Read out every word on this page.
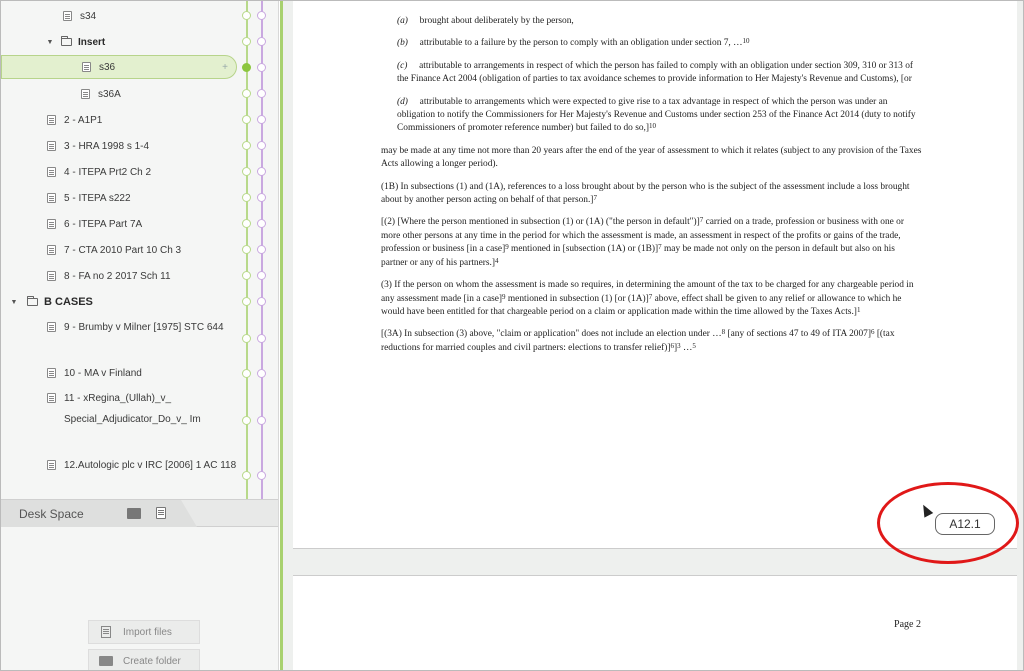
s34
▼ Insert
s36	+
s36A
2 - A1P1
3 - HRA 1998 s 1-4
4 - ITEPA Prt2 Ch 2
5 - ITEPA s222
6 - ITEPA Part 7A
7 - CTA 2010 Part 10 Ch 3
8 - FA no 2 2017 Sch 11
▼ B CASES
9 - Brumby v Milner [1975] STC 644
10 - MA v Finland
11 - xRegina_(Ullah)_v_ Special_Adjudicator_Do_v_ Im
12.Autologic plc v IRC [2006] 1 AC 118
Desk Space
Import files
Create folder

(a) brought about deliberately by the person,

(b) attributable to a failure by the person to comply with an obligation under section 7, …$^{10}$

(c) attributable to arrangements in respect of which the person has failed to comply with an obligation under section 309, 310 or 313 of the Finance Act 2004 (obligation of parties to tax avoidance schemes to provide information to Her Majesty's Revenue and Customs), [or

(d) attributable to arrangements which were expected to give rise to a tax advantage in respect of which the person was under an obligation to notify the Commissioners for Her Majesty's Revenue and Customs under section 253 of the Finance Act 2014 (duty to notify Commissioners of promoter reference number) but failed to do so,]$^{10}$

may be made at any time not more than 20 years after the end of the year of assessment to which it relates (subject to any provision of the Taxes Acts allowing a longer period).

(1B) In subsections (1) and (1A), references to a loss brought about by the person who is the subject of the assessment include a loss brought about by another person acting on behalf of that person.]$^7$

[(2) [Where the person mentioned in subsection (1) or (1A) ("the person in default")]$^7$ carried on a trade, profession or business with one or more other persons at any time in the period for which the assessment is made, an assessment in respect of the profits or gains of the trade, profession or business [in a case]$^9$ mentioned in [subsection (1A) or (1B)]$^7$ may be made not only on the person in default but also on his partner or any of his partners.]$^4$

(3) If the person on whom the assessment is made so requires, in determining the amount of the tax to be charged for any chargeable period in any assessment made [in a case]$^9$ mentioned in subsection (1) [or (1A)]$^7$ above, effect shall be given to any relief or allowance to which he would have been entitled for that chargeable period on a claim or application made within the time allowed by the Taxes Acts.]$^1$

[(3A) In subsection (3) above, "claim or application" does not include an election under …$^8$ [any of sections 47 to 49 of ITA 2007]$^6$ [(tax reductions for married couples and civil partners: elections to transfer relief)]$^6$]$^3$ …$^5$

Page 2
A12.1
